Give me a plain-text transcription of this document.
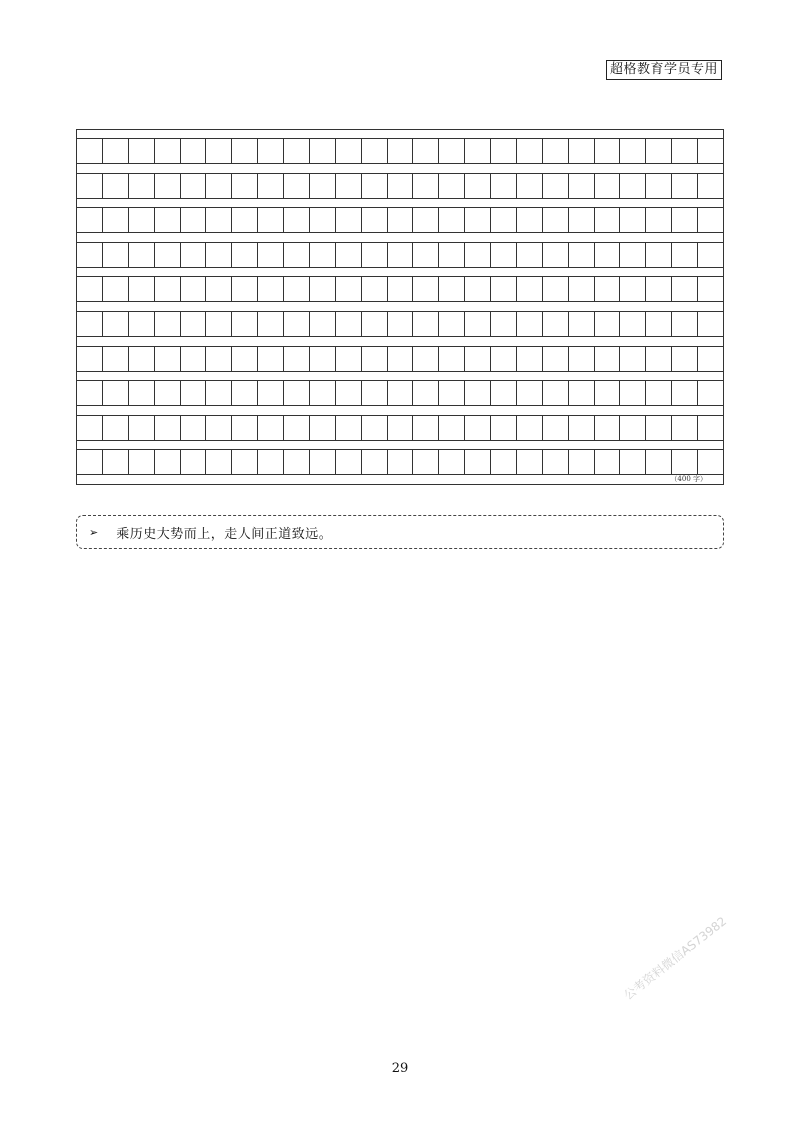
超格教育学员专用
（400 字）
➢ 乘历史大势而上，走人间正道致远。
公考资料微信AS73982
29
